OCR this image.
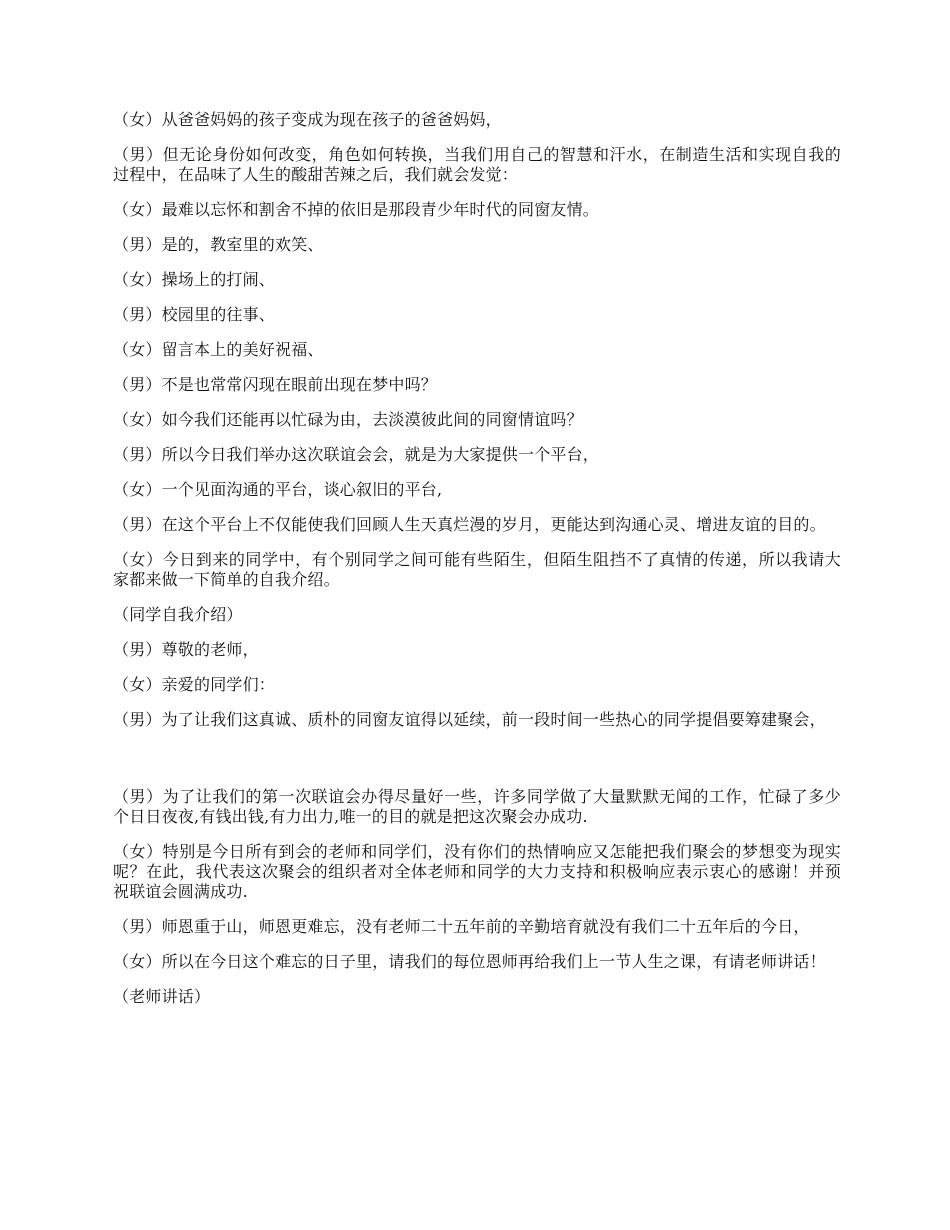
（女）从爸爸妈妈的孩子变成为现在孩子的爸爸妈妈，

（男）但无论身份如何改变，角色如何转换，当我们用自己的智慧和汗水，在制造生活和实现自我的过程中，在品味了人生的酸甜苦辣之后，我们就会发觉：

（女）最难以忘怀和割舍不掉的依旧是那段青少年时代的同窗友情。

（男）是的，教室里的欢笑、

（女）操场上的打闹、

（男）校园里的往事、

（女）留言本上的美好祝福、

（男）不是也常常闪现在眼前出现在梦中吗？

（女）如今我们还能再以忙碌为由，去淡漠彼此间的同窗情谊吗？

（男）所以今日我们举办这次联谊会会，就是为大家提供一个平台，

（女）一个见面沟通的平台，谈心叙旧的平台,

（男）在这个平台上不仅能使我们回顾人生天真烂漫的岁月，更能达到沟通心灵、增进友谊的目的。

（女）今日到来的同学中，有个别同学之间可能有些陌生，但陌生阻挡不了真情的传递，所以我请大家都来做一下简单的自我介绍。

（同学自我介绍）

（男）尊敬的老师，

（女）亲爱的同学们：

（男）为了让我们这真诚、质朴的同窗友谊得以延续，前一段时间一些热心的同学提倡要筹建聚会，

（男）为了让我们的第一次联谊会办得尽量好一些，许多同学做了大量默默无闻的工作，忙碌了多少个日日夜夜,有钱出钱,有力出力,唯一的目的就是把这次聚会办成功.

（女）特别是今日所有到会的老师和同学们，没有你们的热情响应又怎能把我们聚会的梦想变为现实呢？在此，我代表这次聚会的组织者对全体老师和同学的大力支持和积极响应表示衷心的感谢！并预祝联谊会圆满成功.

（男）师恩重于山，师恩更难忘，没有老师二十五年前的辛勤培育就没有我们二十五年后的今日，

（女）所以在今日这个难忘的日子里，请我们的每位恩师再给我们上一节人生之课，有请老师讲话！

（老师讲话）
